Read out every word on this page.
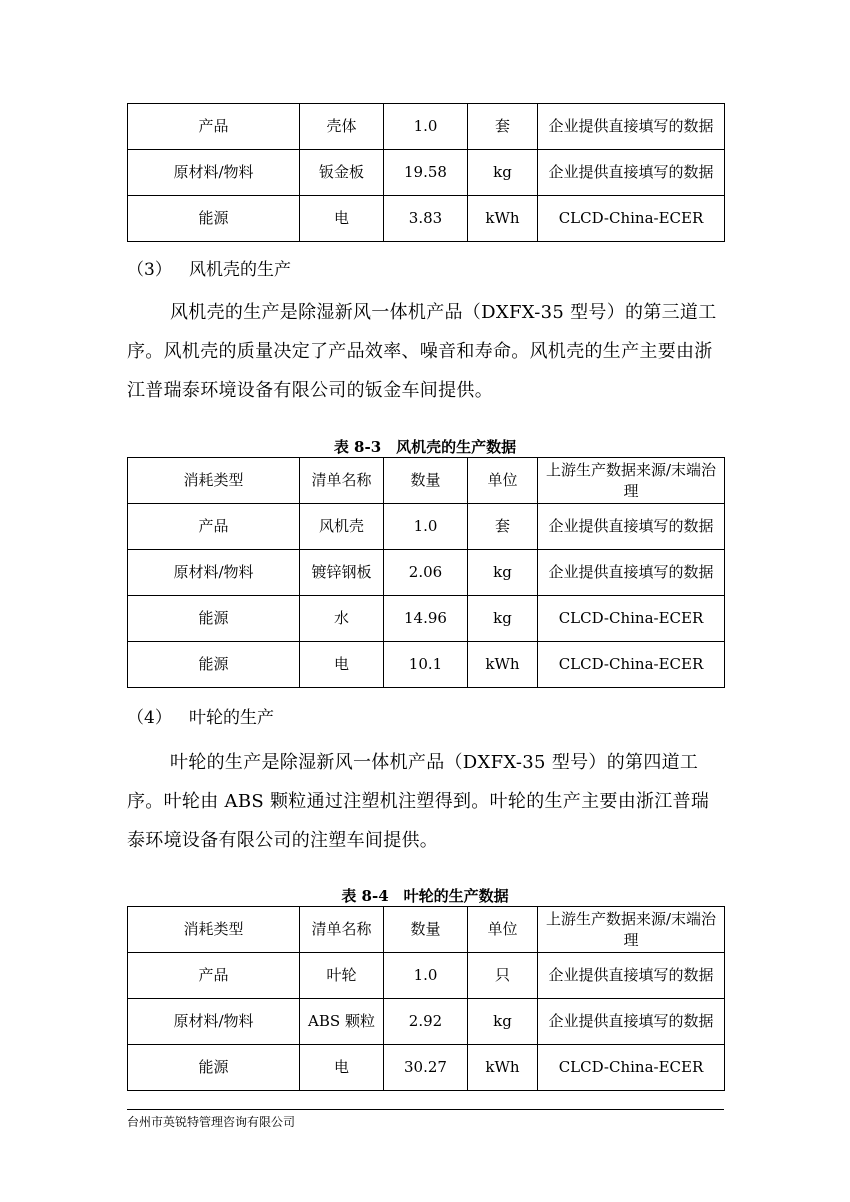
产品	壳体	1.0	套	企业提供直接填写的数据
原材料/物料	钣金板	19.58	kg	企业提供直接填写的数据
能源	电	3.83	kWh	CLCD-China-ECER
（3） 风机壳的生产

风机壳的生产是除湿新风一体机产品（DXFX-35 型号）的第三道工序。风机壳的质量决定了产品效率、噪音和寿命。风机壳的生产主要由浙江普瑞泰环境设备有限公司的钣金车间提供。

表 8-3　风机壳的生产数据
消耗类型	清单名称	数量	单位	上游生产数据来源/末端治理
产品	风机壳	1.0	套	企业提供直接填写的数据
原材料/物料	镀锌钢板	2.06	kg	企业提供直接填写的数据
能源	水	14.96	kg	CLCD-China-ECER
能源	电	10.1	kWh	CLCD-China-ECER
（4） 叶轮的生产

叶轮的生产是除湿新风一体机产品（DXFX-35 型号）的第四道工序。叶轮由 ABS 颗粒通过注塑机注塑得到。叶轮的生产主要由浙江普瑞泰环境设备有限公司的注塑车间提供。

表 8-4　叶轮的生产数据
消耗类型	清单名称	数量	单位	上游生产数据来源/末端治理
产品	叶轮	1.0	只	企业提供直接填写的数据
原材料/物料	ABS 颗粒	2.92	kg	企业提供直接填写的数据
能源	电	30.27	kWh	CLCD-China-ECER
台州市英锐特管理咨询有限公司
